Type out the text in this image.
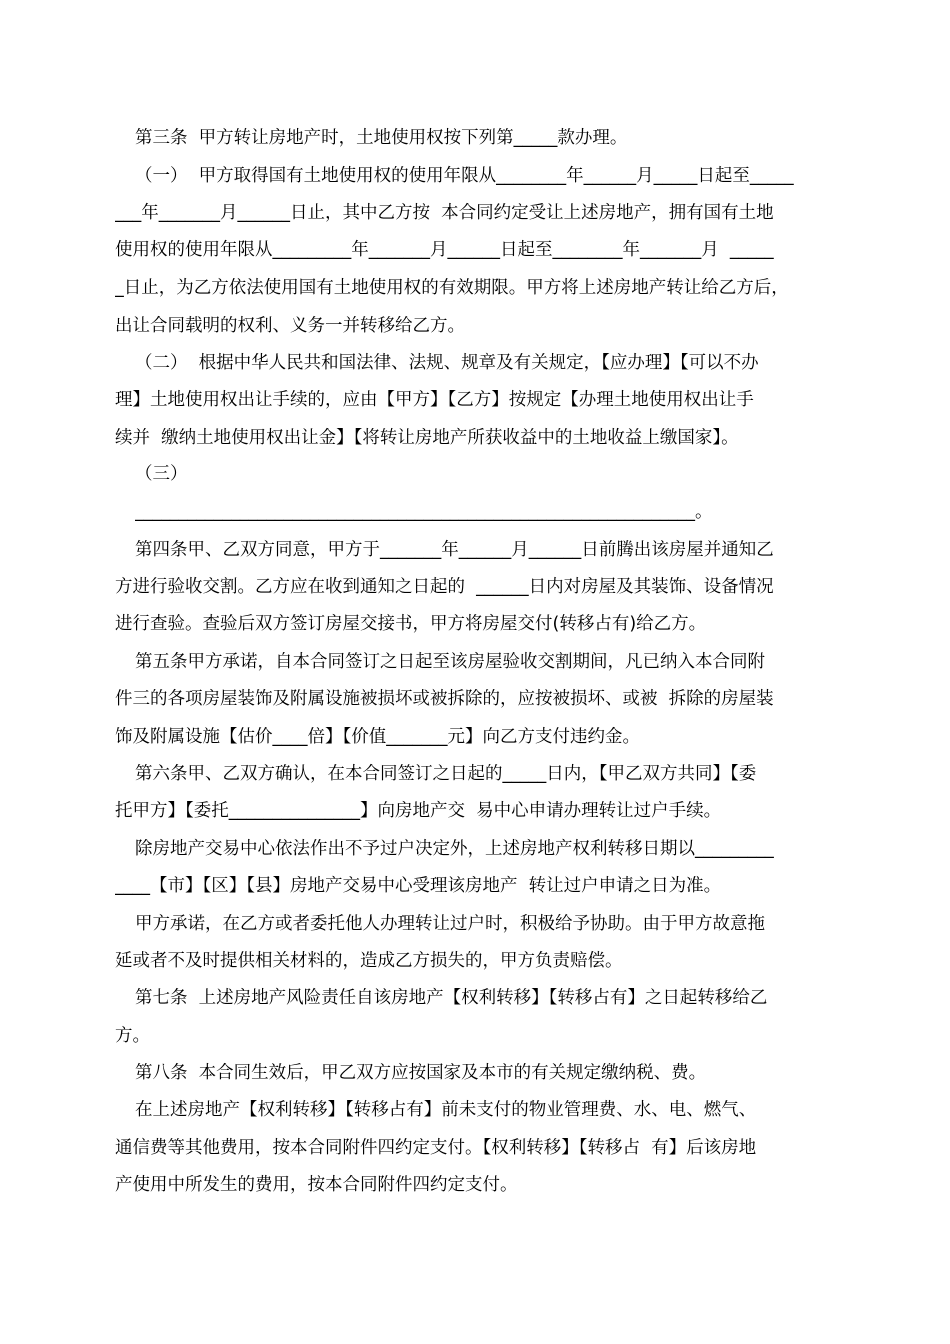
第三条  甲方转让房地产时，土地使用权按下列第_____款办理。
（一）  甲方取得国有土地使用权的使用年限从________年______月_____日起至_____
___年_______月______日止，其中乙方按  本合同约定受让上述房地产，拥有国有土地
使用权的使用年限从_________年_______月______日起至________年_______月  _____
_日止，为乙方依法使用国有土地使用权的有效期限。甲方将上述房地产转让给乙方后，
出让合同载明的权利、义务一并转移给乙方。
（二）  根据中华人民共和国法律、法规、规章及有关规定，【应办理】【可以不办
理】土地使用权出让手续的，应由【甲方】【乙方】按规定【办理土地使用权出让手
续并  缴纳土地使用权出让金】【将转让房地产所获收益中的土地收益上缴国家】。
（三）
________________________________________________________________。
第四条甲、乙双方同意，甲方于_______年______月______日前腾出该房屋并通知乙
方进行验收交割。乙方应在收到通知之日起的  ______日内对房屋及其装饰、设备情况
进行查验。查验后双方签订房屋交接书，甲方将房屋交付(转移占有)给乙方。
第五条甲方承诺，自本合同签订之日起至该房屋验收交割期间，凡已纳入本合同附
件三的各项房屋装饰及附属设施被损坏或被拆除的，应按被损坏、或被  拆除的房屋装
饰及附属设施【估价____倍】【价值_______元】向乙方支付违约金。
第六条甲、乙双方确认，在本合同签订之日起的_____日内，【甲乙双方共同】【委
托甲方】【委托_______________】向房地产交  易中心申请办理转让过户手续。
除房地产交易中心依法作出不予过户决定外，上述房地产权利转移日期以_________
____【市】【区】【县】房地产交易中心受理该房地产  转让过户申请之日为准。
甲方承诺，在乙方或者委托他人办理转让过户时，积极给予协助。由于甲方故意拖
延或者不及时提供相关材料的，造成乙方损失的，甲方负责赔偿。
第七条  上述房地产风险责任自该房地产【权利转移】【转移占有】之日起转移给乙
方。
第八条  本合同生效后，甲乙双方应按国家及本市的有关规定缴纳税、费。
在上述房地产【权利转移】【转移占有】前未支付的物业管理费、水、电、燃气、
通信费等其他费用，按本合同附件四约定支付。【权利转移】【转移占  有】后该房地
产使用中所发生的费用，按本合同附件四约定支付。
